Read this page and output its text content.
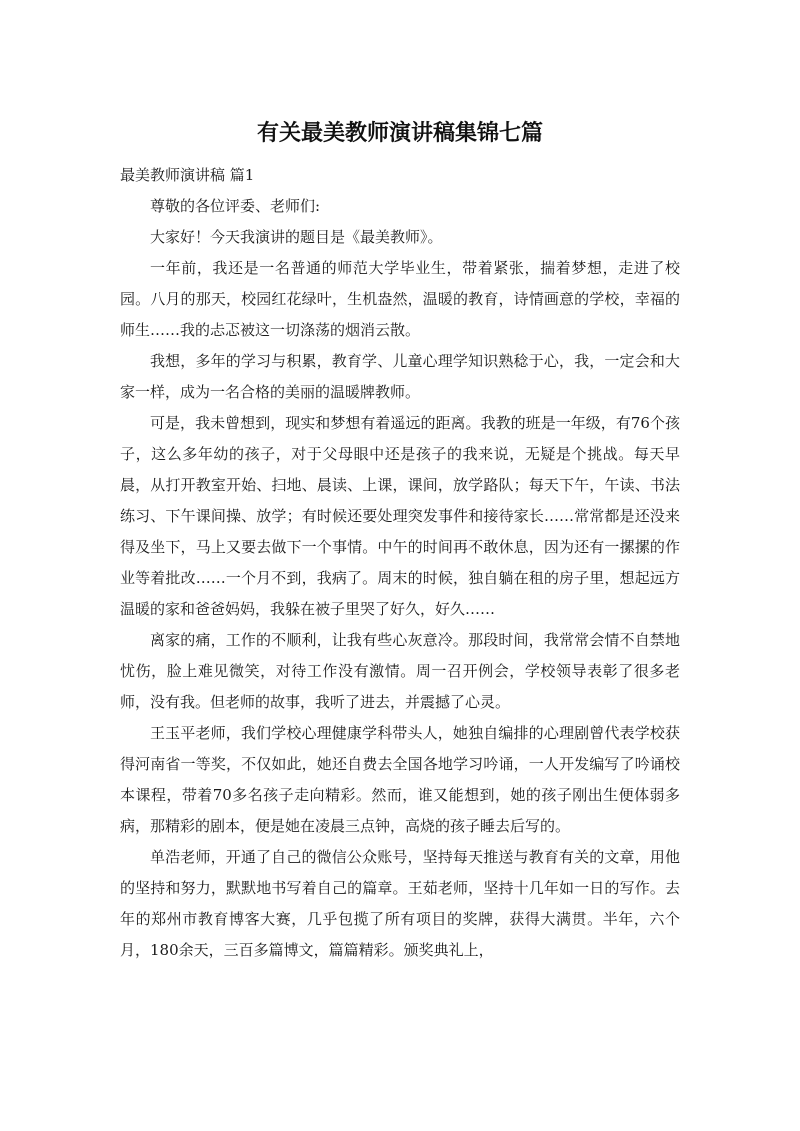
有关最美教师演讲稿集锦七篇

最美教师演讲稿 篇1

尊敬的各位评委、老师们:

大家好！今天我演讲的题目是《最美教师》。

一年前，我还是一名普通的师范大学毕业生，带着紧张，揣着梦想，走进了校园。八月的那天，校园红花绿叶，生机盎然，温暖的教育，诗情画意的学校，幸福的师生……我的忐忑被这一切涤荡的烟消云散。

我想，多年的学习与积累，教育学、儿童心理学知识熟稔于心，我，一定会和大家一样，成为一名合格的美丽的温暖牌教师。

可是，我未曾想到，现实和梦想有着遥远的距离。我教的班是一年级，有76个孩子，这么多年幼的孩子，对于父母眼中还是孩子的我来说，无疑是个挑战。每天早晨，从打开教室开始、扫地、晨读、上课，课间，放学路队；每天下午，午读、书法练习、下午课间操、放学；有时候还要处理突发事件和接待家长……常常都是还没来得及坐下，马上又要去做下一个事情。中午的时间再不敢休息，因为还有一摞摞的作业等着批改……一个月不到，我病了。周末的时候，独自躺在租的房子里，想起远方温暖的家和爸爸妈妈，我躲在被子里哭了好久，好久……

离家的痛，工作的不顺利，让我有些心灰意冷。那段时间，我常常会情不自禁地忧伤，脸上难见微笑，对待工作没有激情。周一召开例会，学校领导表彰了很多老师，没有我。但老师的故事，我听了进去，并震撼了心灵。

王玉平老师，我们学校心理健康学科带头人，她独自编排的心理剧曾代表学校获得河南省一等奖，不仅如此，她还自费去全国各地学习吟诵，一人开发编写了吟诵校本课程，带着70多名孩子走向精彩。然而，谁又能想到，她的孩子刚出生便体弱多病，那精彩的剧本，便是她在凌晨三点钟，高烧的孩子睡去后写的。

单浩老师，开通了自己的微信公众账号，坚持每天推送与教育有关的文章，用他的坚持和努力，默默地书写着自己的篇章。王茹老师，坚持十几年如一日的写作。去年的郑州市教育博客大赛，几乎包揽了所有项目的奖牌，获得大满贯。半年，六个月，180余天，三百多篇博文，篇篇精彩。颁奖典礼上，
